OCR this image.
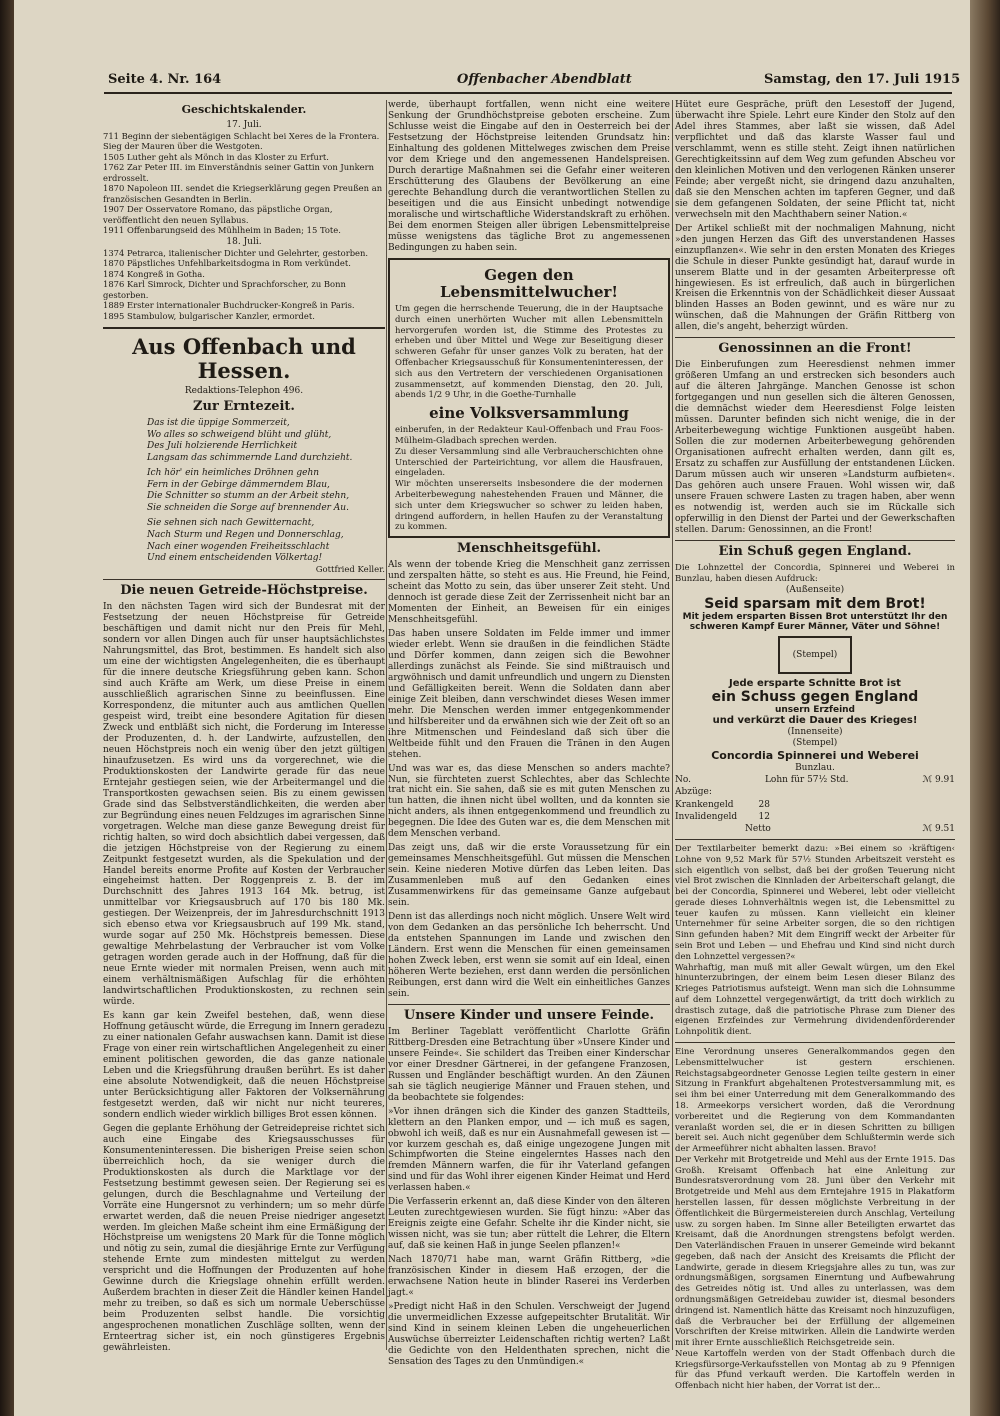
Seite 4. Nr. 164	Offenbacher Abendblatt	Samstag, den 17. Juli 1915
Geschichtskalender.
17. Juli.

711 Beginn der siebentägigen Schlacht bei Xeres de la Frontera. Sieg der Mauren über die Westgoten.

1505 Luther geht als Mönch in das Kloster zu Erfurt.

1762 Zar Peter III. im Einverständnis seiner Gattin von Junkern erdrosselt.

1870 Napoleon III. sendet die Kriegserklärung gegen Preußen an französischen Gesandten in Berlin.

1907 Der Osservatore Romano, das päpstliche Organ, veröffentlicht den neuen Syllabus.

1911 Offenbarungseid des Mühlheim in Baden; 15 Tote.

18. Juli.

1374 Petrarca, italienischer Dichter und Gelehrter, gestorben.

1870 Päpstliches Unfehlbarkeitsdogma in Rom verkündet.

1874 Kongreß in Gotha.

1876 Karl Simrock, Dichter und Sprachforscher, zu Bonn gestorben.

1889 Erster internationaler Buchdrucker-Kongreß in Paris.

1895 Stambulow, bulgarischer Kanzler, ermordet.

Aus Offenbach und Hessen.
Redaktions-Telephon 496.
Zur Erntezeit.

Das ist die üppige Sommerzeit,

Wo alles so schweigend blüht und glüht,

Des Juli holzierende Herrlichkeit

Langsam das schimmernde Land durchzieht.

Ich hör' ein heimliches Dröhnen gehn

Fern in der Gebirge dämmerndem Blau,

Die Schnitter so stumm an der Arbeit stehn,

Sie schneiden die Sorge auf brennender Au.

Sie sehnen sich nach Gewitternacht,

Nach Sturm und Regen und Donnerschlag,

Nach einer wogenden Freiheitsschlacht

Und einem entscheidenden Völkertag!

Gottfried Keller.
Die neuen Getreide-Höchstpreise.

In den nächsten Tagen wird sich der Bundesrat mit der Festsetzung der neuen Höchstpreise für Getreide beschäftigen und damit nicht nur den Preis für Mehl, sondern vor allen Dingen auch für unser hauptsächlichstes Nahrungsmittel, das Brot, bestimmen. Es handelt sich also um eine der wichtigsten Angelegenheiten, die es überhaupt für die innere deutsche Kriegsführung geben kann. Schon sind auch Kräfte am Werk, um diese Preise in einem ausschließlich agrarischen Sinne zu beeinflussen. Eine Korrespondenz, die mitunter auch aus amtlichen Quellen gespeist wird, treibt eine besondere Agitation für diesen Zweck und entbläßt sich nicht, die Forderung im Interesse der Produzenten, d. h. der Landwirte, aufzustellen, den neuen Höchstpreis noch ein wenig über den jetzt gültigen hinaufzusetzen. Es wird uns da vorgerechnet, wie die Produktionskosten der Landwirte gerade für das neue Erntejahr gestiegen seien, wie der Arbeitermangel und die Transportkosten gewachsen seien. Bis zu einem gewissen Grade sind das Selbstverständlichkeiten, die werden aber zur Begründung eines neuen Feldzuges im agrarischen Sinne vorgetragen. Welche man diese ganze Bewegung dreist für richtig halten, so wird doch absichtlich dabei vergessen, daß die jetzigen Höchstpreise von der Regierung zu einem Zeitpunkt festgesetzt wurden, als die Spekulation und der Handel bereits enorme Profite auf Kosten der Verbraucher eingeheimst hatten. Der Roggenpreis z. B. der im Durchschnitt des Jahres 1913 164 Mk. betrug, ist unmittelbar vor Kriegsausbruch auf 170 bis 180 Mk. gestiegen. Der Weizenpreis, der im Jahresdurchschnitt 1913 sich ebenso etwa vor Kriegsausbruch auf 199 Mk. stand, wurde sogar auf 250 Mk. Höchstpreis bemessen. Diese gewaltige Mehrbelastung der Verbraucher ist vom Volke getragen worden gerade auch in der Hoffnung, daß für die neue Ernte wieder mit normalen Preisen, wenn auch mit einem verhältnismäßigen Aufschlag für die erhöhten landwirtschaftlichen Produktionskosten, zu rechnen sein würde.

Es kann gar kein Zweifel bestehen, daß, wenn diese Hoffnung getäuscht würde, die Erregung im Innern geradezu zu einer nationalen Gefahr auswachsen kann. Damit ist diese Frage von einer rein wirtschaftlichen Angelegenheit zu einer eminent politischen geworden, die das ganze nationale Leben und die Kriegsführung draußen berührt. Es ist daher eine absolute Notwendigkeit, daß die neuen Höchstpreise unter Berücksichtigung aller Faktoren der Volksernährung festgesetzt werden, daß wir nicht nur nicht teureres, sondern endlich wieder wirklich billiges Brot essen können.

Gegen die geplante Erhöhung der Getreidepreise richtet sich auch eine Eingabe des Kriegsausschusses für Konsumenteninteressen. Die bisherigen Preise seien schon überreichlich hoch, da sie weniger durch die Produktionskosten als durch die Marktlage vor der Festsetzung bestimmt gewesen seien. Der Regierung sei es gelungen, durch die Beschlagnahme und Verteilung der Vorräte eine Hungersnot zu verhindern; um so mehr dürfe erwartet werden, daß die neuen Preise niedriger angesetzt werden. Im gleichen Maße scheint ihm eine Ermäßigung der Höchstpreise um wenigstens 20 Mark für die Tonne möglich und nötig zu sein, zumal die diesjährige Ernte zur Verfügung stehende Ernte zum mindesten mittelgut zu werden verspricht und die Hoffnungen der Produzenten auf hohe Gewinne durch die Kriegslage ohnehin erfüllt werden. Außerdem brachten in dieser Zeit die Händler keinen Handel mehr zu treiben, so daß es sich um normale Ueberschüsse beim Produzenten selbst handle. Die vorsichtig angesprochenen monatlichen Zuschläge sollten, wenn der Ernteertrag sicher ist, ein noch günstigeres Ergebnis gewährleisten.

werde, überhaupt fortfallen, wenn nicht eine weitere Senkung der Grundhöchstpreise geboten erscheine. Zum Schlusse weist die Eingabe auf den in Oesterreich bei der Festsetzung der Höchstpreise leitenden Grundsatz hin: Einhaltung des goldenen Mittelweges zwischen dem Preise vor dem Kriege und den angemessenen Handelspreisen. Durch derartige Maßnahmen sei die Gefahr einer weiteren Erschütterung des Glaubens der Bevölkerung an eine gerechte Behandlung durch die verantwortlichen Stellen zu beseitigen und die aus Einsicht unbedingt notwendige moralische und wirtschaftliche Widerstandskraft zu erhöhen. Bei dem enormen Steigen aller übrigen Lebensmittelpreise müsse wenigstens das tägliche Brot zu angemessenen Bedingungen zu haben sein.

Gegen den Lebensmittelwucher!

Um gegen die herrschende Teuerung, die in der Hauptsache durch einen unerhörten Wucher mit allen Lebensmitteln hervorgerufen worden ist, die Stimme des Protestes zu erheben und über Mittel und Wege zur Beseitigung dieser schweren Gefahr für unser ganzes Volk zu beraten, hat der Offenbacher Kriegsausschuß für Konsumenteninteressen, der sich aus den Vertretern der verschiedenen Organisationen zusammensetzt, auf kommenden Dienstag, den 20. Juli, abends 1/2 9 Uhr, in die Goethe-Turnhalle

eine Volksversammlung

einberufen, in der Redakteur Kaul-Offenbach und Frau Foos-Mülheim-Gladbach sprechen werden.

Zu dieser Versammlung sind alle Verbraucherschichten ohne Unterschied der Parteirichtung, vor allem die Hausfrauen, eingeladen.

Wir möchten unsererseits insbesondere die der modernen Arbeiterbewegung nahestehenden Frauen und Männer, die sich unter dem Kriegswucher so schwer zu leiden haben, dringend auffordern, in hellen Haufen zu der Veranstaltung zu kommen.

Menschheitsgefühl.

Als wenn der tobende Krieg die Menschheit ganz zerrissen und zerspalten hätte, so steht es aus. Hie Freund, hie Feind, scheint das Motto zu sein, das über unserer Zeit steht. Und dennoch ist gerade diese Zeit der Zerrissenheit nicht bar an Momenten der Einheit, an Beweisen für ein einiges Menschheitsgefühl.

Das haben unsere Soldaten im Felde immer und immer wieder erlebt. Wenn sie draußen in die feindlichen Städte und Dörfer kommen, dann zeigen sich die Bewohner allerdings zunächst als Feinde. Sie sind mißtrauisch und argwöhnisch und damit unfreundlich und ungern zu Diensten und Gefälligkeiten bereit. Wenn die Soldaten dann aber einige Zeit bleiben, dann verschwindet dieses Wesen immer mehr. Die Menschen werden immer entgegenkommender und hilfsbereiter und da erwähnen sich wie der Zeit oft so an ihre Mitmenschen und Feindesland daß sich über die Weltbeide fühlt und den Frauen die Tränen in den Augen stehen.

Und was war es, das diese Menschen so anders machte? Nun, sie fürchteten zuerst Schlechtes, aber das Schlechte trat nicht ein. Sie sahen, daß sie es mit guten Menschen zu tun hatten, die ihnen nicht übel wollten, und da konnten sie nicht anders, als ihnen entgegenkommend und freundlich zu begegnen. Die Idee des Guten war es, die dem Menschen mit dem Menschen verband.

Das zeigt uns, daß wir die erste Voraussetzung für ein gemeinsames Menschheitsgefühl. Gut müssen die Menschen sein. Keine niederen Motive dürfen das Leben leiten. Das Zusammenleben muß auf den Gedanken eines Zusammenwirkens für das gemeinsame Ganze aufgebaut sein.

Denn ist das allerdings noch nicht möglich. Unsere Welt wird von dem Gedanken an das persönliche Ich beherrscht. Und da entstehen Spannungen im Lande und zwischen den Ländern. Erst wenn die Menschen für einen gemeinsamen hohen Zweck leben, erst wenn sie somit auf ein Ideal, einen höheren Werte beziehen, erst dann werden die persönlichen Reibungen, erst dann wird die Welt ein einheitliches Ganzes sein.

Unsere Kinder und unsere Feinde.

Im Berliner Tageblatt veröffentlicht Charlotte Gräfin Rittberg-Dresden eine Betrachtung über »Unsere Kinder und unsere Feinde«. Sie schildert das Treiben einer Kinderschar vor einer Dresdner Gärtnerei, in der gefangene Franzosen, Russen und Engländer beschäftigt wurden. An den Zäunen sah sie täglich neugierige Männer und Frauen stehen, und da beobachtete sie folgendes:

»Vor ihnen drängen sich die Kinder des ganzen Stadtteils, klettern an den Planken empor, und — ich muß es sagen, obwohl ich weiß, daß es nur ein Ausnahmefall gewesen ist — vor kurzem geschah es, daß einige ungezogene Jungen mit Schimpfworten die Steine eingelerntes Hasses nach den fremden Männern warfen, die für ihr Vaterland gefangen sind und für das Wohl ihrer eigenen Kinder Heimat und Herd verlassen haben.«

Die Verfasserin erkennt an, daß diese Kinder von den älteren Leuten zurechtgewiesen wurden. Sie fügt hinzu: »Aber das Ereignis zeigte eine Gefahr. Schelte ihr die Kinder nicht, sie wissen nicht, was sie tun; aber rüttelt die Lehrer, die Eltern auf, daß sie keinen Haß in junge Seelen pflanzen!«

Nach 1870/71 habe man, warnt Gräfin Rittberg, »die französischen Kinder in diesem Haß erzogen, der die erwachsene Nation heute in blinder Raserei ins Verderben jagt.«

»Predigt nicht Haß in den Schulen. Verschweigt der Jugend die unvermeidlichen Exzesse aufgepeitschter Brutalität. Wir sind Kind in seinem kleinen Leben die ungeheuerlichen Auswüchse überreizter Leidenschaften richtig werten? Laßt die Gedichte von den Heldenthaten sprechen, nicht die Sensation des Tages zu den Unmündigen.«

Hütet eure Gespräche, prüft den Lesestoff der Jugend, überwacht ihre Spiele. Lehrt eure Kinder den Stolz auf den Adel ihres Stammes, aber laßt sie wissen, daß Adel verpflichtet und daß das klarste Wasser faul und verschlammt, wenn es stille steht. Zeigt ihnen natürlichen Gerechtigkeitssinn auf dem Weg zum gefunden Abscheu vor den kleinlichen Motiven und den verlogenen Ränken unserer Feinde; aber vergeßt nicht, sie dringend dazu anzuhalten, daß sie den Menschen achten im tapferen Gegner, und daß sie dem gefangenen Soldaten, der seine Pflicht tat, nicht verwechseln mit den Machthabern seiner Nation.«

Der Artikel schließt mit der nochmaligen Mahnung, nicht »den jungen Herzen das Gift des unverstandenen Hasses einzupflanzen«. Wie sehr in den ersten Monaten des Krieges die Schule in dieser Punkte gesündigt hat, darauf wurde in unserem Blatte und in der gesamten Arbeiterpresse oft hingewiesen. Es ist erfreulich, daß auch in bürgerlichen Kreisen die Erkenntnis von der Schädlichkeit dieser Aussaat blinden Hasses an Boden gewinnt, und es wäre nur zu wünschen, daß die Mahnungen der Gräfin Rittberg von allen, die's angeht, beherzigt würden.

Genossinnen an die Front!

Die Einberufungen zum Heeresdienst nehmen immer größeren Umfang an und erstrecken sich besonders auch auf die älteren Jahrgänge. Manchen Genosse ist schon fortgegangen und nun gesellen sich die älteren Genossen, die demnächst wieder dem Heeresdienst Folge leisten müssen. Darunter befinden sich nicht wenige, die in der Arbeiterbewegung wichtige Funktionen ausgeübt haben. Sollen die zur modernen Arbeiterbewegung gehörenden Organisationen aufrecht erhalten werden, dann gilt es, Ersatz zu schaffen zur Ausfüllung der entstandenen Lücken. Darum müssen auch wir unseren »Landsturm aufbieten«. Das gehören auch unsere Frauen. Wohl wissen wir, daß unsere Frauen schwere Lasten zu tragen haben, aber wenn es notwendig ist, werden auch sie im Rückalle sich opferwillig in den Dienst der Partei und der Gewerkschaften stellen. Darum: Genossinnen, an die Front!

Ein Schuß gegen England.

Die Lohnzettel der Concordia, Spinnerei und Weberei in Bunzlau, haben diesen Aufdruck:

(Außenseite)
Seid sparsam mit dem Brot!
Mit jedem ersparten Bissen Brot unterstützt Ihr den schweren Kampf Eurer Männer, Väter und Söhne!
(Stempel)
Jede ersparte Schnitte Brot ist
ein Schuss gegen England
unsern Erzfeind
und verkürzt die Dauer des Krieges!
(Innenseite)
(Stempel)
Concordia Spinnerei und Weberei
Bunzlau.
No.	Lohn für 57½ Std.	ℳ 9.91
Abzüge:
Krankengeld	28
Invalidengeld 12
Netto	ℳ 9.51

Der Textilarbeiter bemerkt dazu: »Bei einem so ›kräftigen‹ Lohne von 9,52 Mark für 57½ Stunden Arbeitszeit versteht es sich eigentlich von selbst, daß bei der großen Teuerung nicht viel Brot zwischen die Kinnladen der Arbeiterschaft gelangt, die bei der Concordia, Spinnerei und Weberei, lebt oder vielleicht gerade dieses Lohnverhältnis wegen ist, die Lebensmittel zu teuer kaufen zu müssen. Kann vielleicht ein kleiner Unternehmer für seine Arbeiter sorgen, die so den richtigen Sinn gefunden haben? Mit dem Eingriff weckt der Arbeiter für sein Brot und Leben — und Ehefrau und Kind sind nicht durch den Lohnzettel vergessen?«

Wahrhaftig, man muß mit aller Gewalt würgen, um den Ekel hinunterzubringen, der einem beim Lesen dieser Bilanz des Krieges Patriotismus aufsteigt. Wenn man sich die Lohnsumme auf dem Lohnzettel vergegenwärtigt, da tritt doch wirklich zu drastisch zutage, daß die patriotische Phrase zum Diener des eigenen Erzfeindes zur Vermehrung dividendenförderender Lohnpolitik dient.

Eine Verordnung unseres Generalkommandos gegen den Lebensmittelwucher ist gestern erschienen. Reichstagsabgeordneter Genosse Legien teilte gestern in einer Sitzung in Frankfurt abgehaltenen Protestversammlung mit, es sei ihm bei einer Unterredung mit dem Generalkommando des 18. Armeekorps versichert worden, daß die Verordnung vorbereitet und die Regierung von dem Kommandanten veranlaßt worden sei, die er in diesen Schritten zu billigen bereit sei. Auch nicht gegenüber dem Schlußtermin werde sich der Armeeführer nicht abhalten lassen. Bravo!

Der Verkehr mit Brotgetreide und Mehl aus der Ernte 1915. Das Großh. Kreisamt Offenbach hat eine Anleitung zur Bundesratsverordnung vom 28. Juni über den Verkehr mit Brotgetreide und Mehl aus dem Erntejahre 1915 in Plakatform herstellen lassen, für dessen möglichste Verbreitung in der Öffentlichkeit die Bürgermeistereien durch Anschlag, Verteilung usw. zu sorgen haben. Im Sinne aller Beteiligten erwartet das Kreisamt, daß die Anordnungen strengstens befolgt werden. Den Vaterländischen Frauen in unserer Gemeinde wird bekannt gegeben, daß nach der Ansicht des Kreisamts die Pflicht der Landwirte, gerade in diesem Kriegsjahre alles zu tun, was zur ordnungsmäßigen, sorgsamen Einerntung und Aufbewahrung des Getreides nötig ist. Und alles zu unterlassen, was dem ordnungsmäßigen Getreidebau zuwider ist, diesmal besonders dringend ist. Namentlich hätte das Kreisamt noch hinzuzufügen, daß die Verbraucher bei der Erfüllung der allgemeinen Vorschriften der Kreise mitwirken. Allein die Landwirte werden mit ihrer Ernte ausschließlich Reichsgetreide sein.

Neue Kartoffeln werden von der Stadt Offenbach durch die Kriegsfürsorge-Verkaufsstellen von Montag ab zu 9 Pfennigen für das Pfund verkauft werden. Die Kartoffeln werden in Offenbach nicht hier haben, der Vorrat ist der...
